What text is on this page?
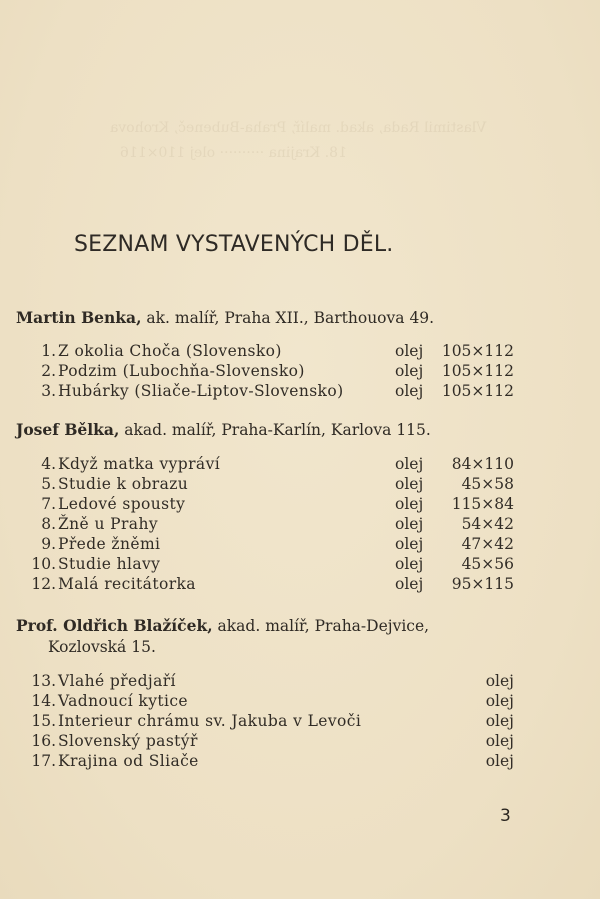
Vlastimil Rada, akad. malíř, Praha-Bubeneč, Krohova
18. Krajina ·········· olej 110×116
SEZNAM VYSTAVENÝCH DĚL.
Martin Benka, ak. malíř, Praha XII., Barthouova 49.
1. Z okolia Choča (Slovensko)	olej 105×112
2. Podzim (Lubochňa-Slovensko)	olej 105×112
3. Hubárky (Sliače-Liptov-Slovensko)	olej 105×112
Josef Bělka, akad. malíř, Praha-Karlín, Karlova 115.
4. Když matka vypráví	olej 84×110
5. Studie k obrazu	olej 45×58
7. Ledové spousty	olej 115×84
8. Žně u Prahy	olej 54×42
9. Přede žněmi	olej 47×42
10. Studie hlavy	olej 45×56
12. Malá recitátorka	olej 95×115
Prof. Oldřich Blažíček, akad. malíř, Praha-Dejvice,
Kozlovská 15.
13. Vlahé předjaří	olej
14. Vadnoucí kytice	olej
15. Interieur chrámu sv. Jakuba v Levoči	olej
16. Slovenský pastýř	olej
17. Krajina od Sliače	olej
3
